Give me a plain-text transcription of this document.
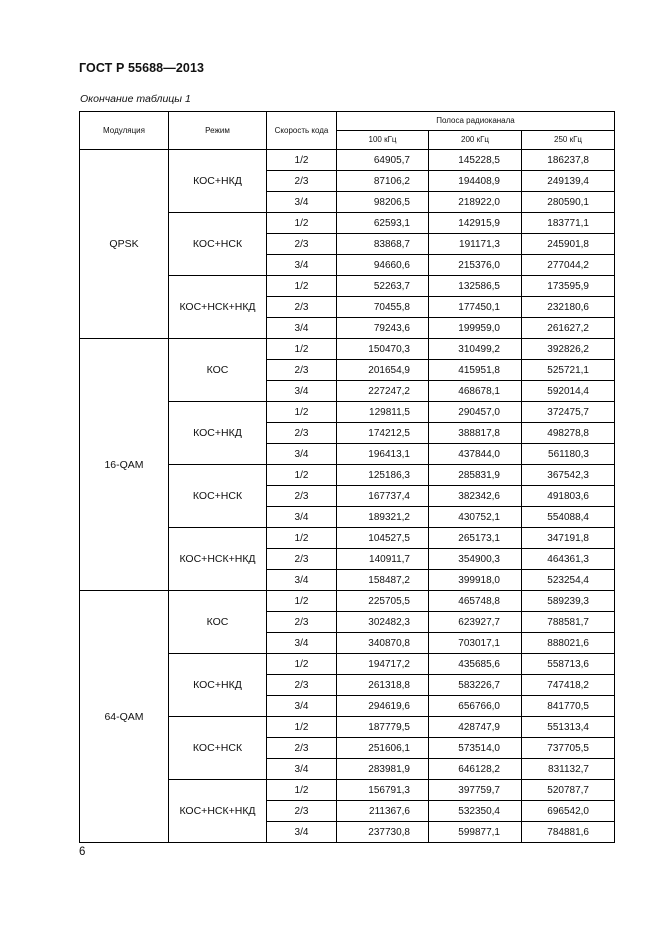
ГОСТ Р 55688—2013
Окончание таблицы 1
Модуляция	Режим	Скорость кода	Полоса радиоканала		
			100 кГц	200 кГц	250 кГц
QPSK	КОС+НКД	1/2	64905,7	145228,5	186237,8
		2/3	87106,2	194408,9	249139,4
		3/4	98206,5	218922,0	280590,1
	КОС+НСК	1/2	62593,1	142915,9	183771,1
		2/3	83868,7	191171,3	245901,8
		3/4	94660,6	215376,0	277044,2
	КОС+НСК+НКД	1/2	52263,7	132586,5	173595,9
		2/3	70455,8	177450,1	232180,6
		3/4	79243,6	199959,0	261627,2
16-QAM	КОС	1/2	150470,3	310499,2	392826,2
		2/3	201654,9	415951,8	525721,1
		3/4	227247,2	468678,1	592014,4
	КОС+НКД	1/2	129811,5	290457,0	372475,7
		2/3	174212,5	388817,8	498278,8
		3/4	196413,1	437844,0	561180,3
	КОС+НСК	1/2	125186,3	285831,9	367542,3
		2/3	167737,4	382342,6	491803,6
		3/4	189321,2	430752,1	554088,4
	КОС+НСК+НКД	1/2	104527,5	265173,1	347191,8
		2/3	140911,7	354900,3	464361,3
		3/4	158487,2	399918,0	523254,4
64-QAM	КОС	1/2	225705,5	465748,8	589239,3
		2/3	302482,3	623927,7	788581,7
		3/4	340870,8	703017,1	888021,6
	КОС+НКД	1/2	194717,2	435685,6	558713,6
		2/3	261318,8	583226,7	747418,2
		3/4	294619,6	656766,0	841770,5
	КОС+НСК	1/2	187779,5	428747,9	551313,4
		2/3	251606,1	573514,0	737705,5
		3/4	283981,9	646128,2	831132,7
	КОС+НСК+НКД	1/2	156791,3	397759,7	520787,7
		2/3	211367,6	532350,4	696542,0
		3/4	237730,8	599877,1	784881,6
6
